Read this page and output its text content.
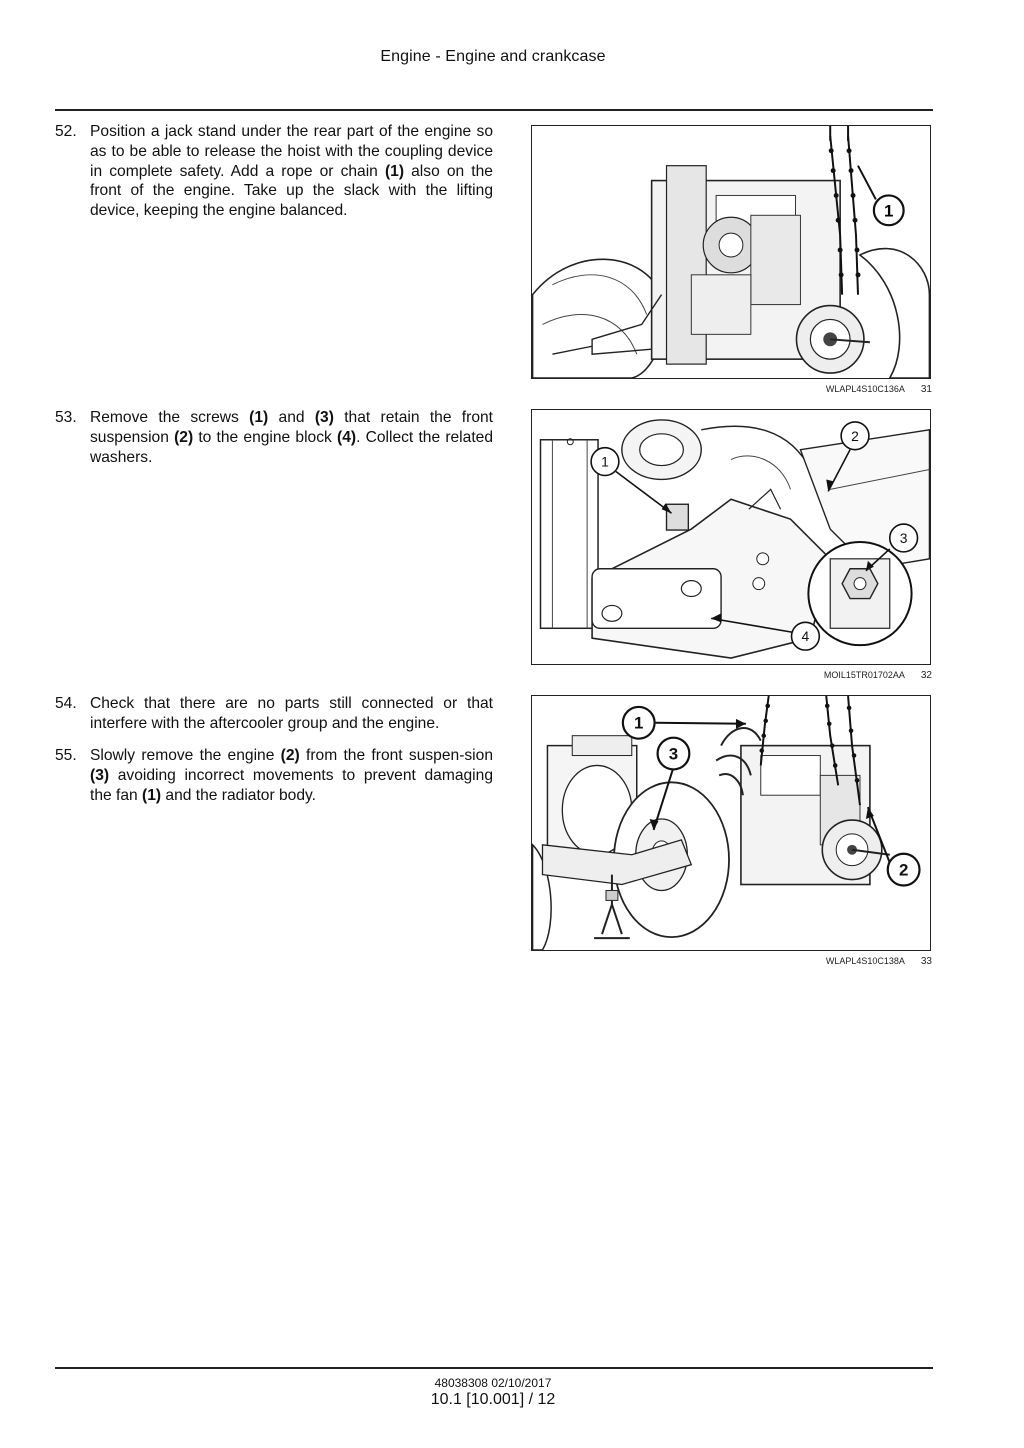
Engine - Engine and crankcase
52. Position a jack stand under the rear part of the engine so as to be able to release the hoist with the coupling device in complete safety. Add a rope or chain (1) also on the front of the engine. Take up the slack with the lifting device, keeping the engine balanced.
53. Remove the screws (1) and (3) that retain the front suspension (2) to the engine block (4). Collect the related washers.
54. Check that there are no parts still connected or that interfere with the aftercooler group and the engine.
55. Slowly remove the engine (2) from the front suspen-sion (3) avoiding incorrect movements to prevent damaging the fan (1) and the radiator body.
1
WLAPL4S10C136A 31
1
2
3
4
MOIL15TR01702AA 32
1
3
2
WLAPL4S10C138A 33
48038308 02/10/2017
10.1 [10.001] / 12
